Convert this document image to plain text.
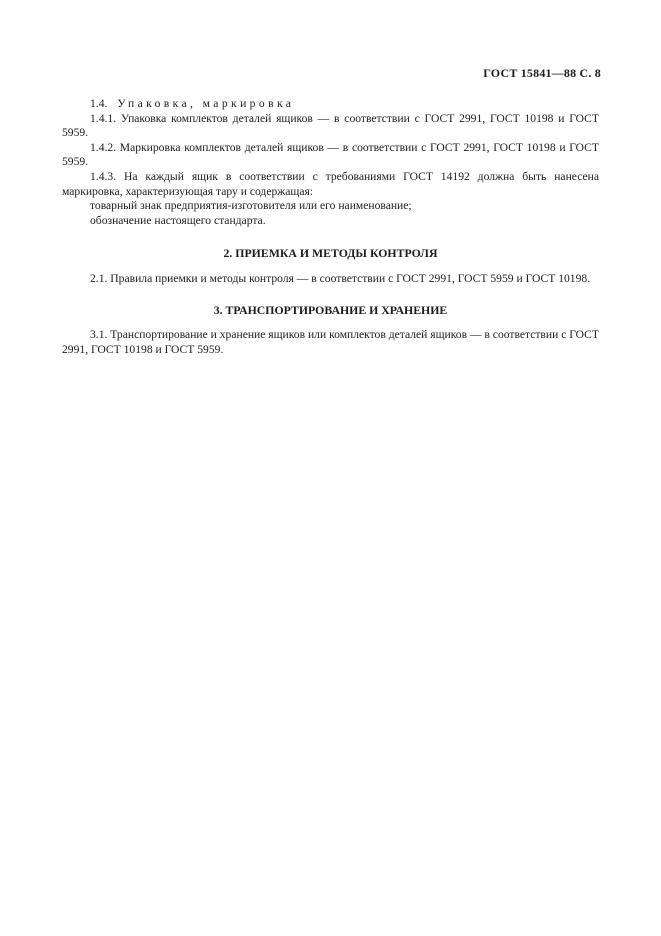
ГОСТ 15841—88 С. 8

1.4. Упаковка, маркировка

1.4.1. Упаковка комплектов деталей ящиков — в соответствии с ГОСТ 2991, ГОСТ 10198 и ГОСТ 5959.

1.4.2. Маркировка комплектов деталей ящиков — в соответствии с ГОСТ 2991, ГОСТ 10198 и ГОСТ 5959.

1.4.3. На каждый ящик в соответствии с требованиями ГОСТ 14192 должна быть нанесена маркировка, характеризующая тару и содержащая:

товарный знак предприятия-изготовителя или его наименование;

обозначение настоящего стандарта.

2. ПРИЕМКА И МЕТОДЫ КОНТРОЛЯ

2.1. Правила приемки и методы контроля — в соответствии с ГОСТ 2991, ГОСТ 5959 и ГОСТ 10198.

3. ТРАНСПОРТИРОВАНИЕ И ХРАНЕНИЕ

3.1. Транспортирование и хранение ящиков или комплектов деталей ящиков — в соответствии с ГОСТ 2991, ГОСТ 10198 и ГОСТ 5959.
